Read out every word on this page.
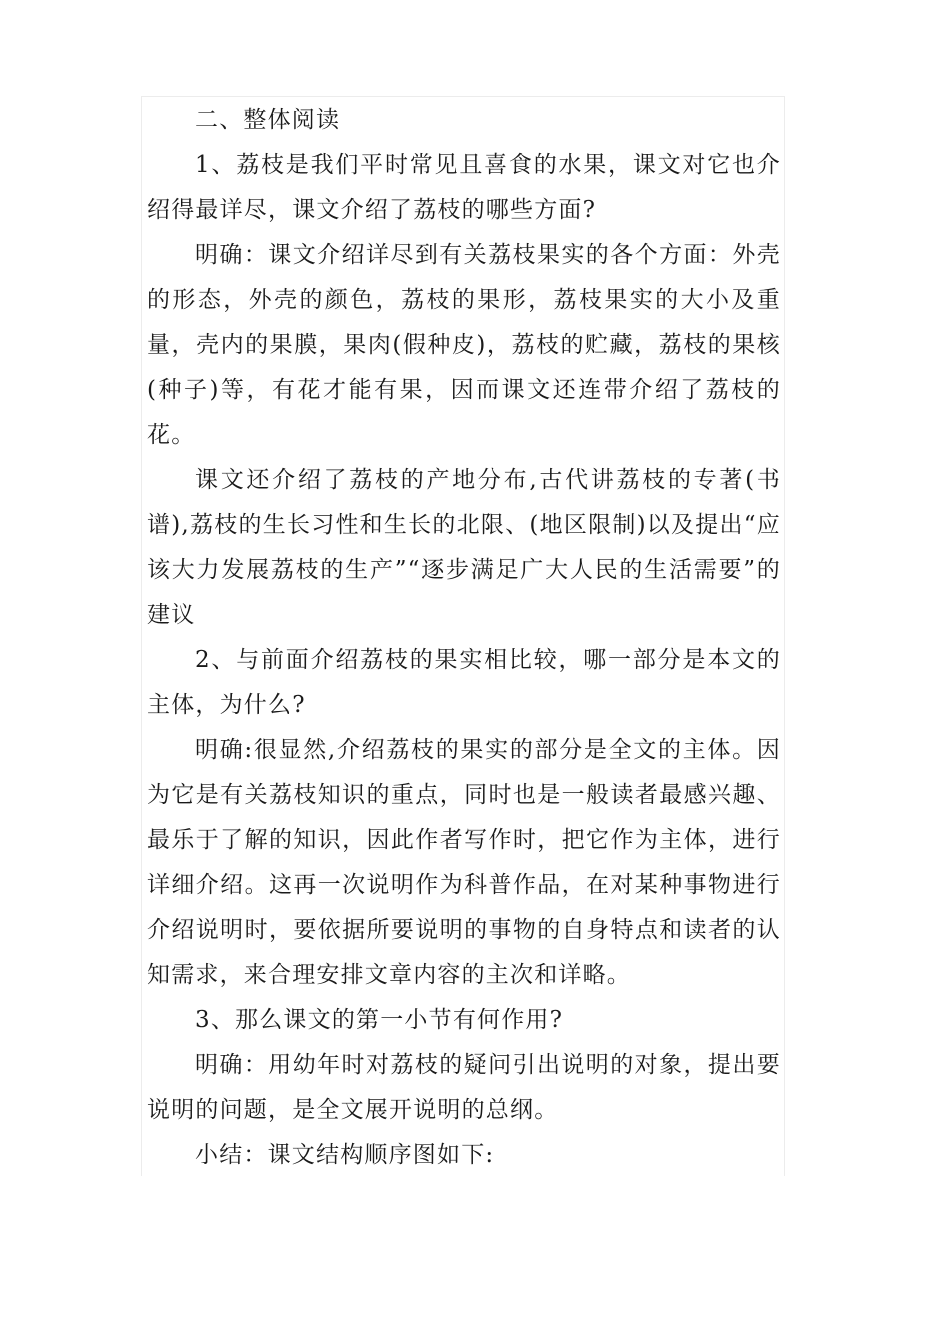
二、整体阅读

1、荔枝是我们平时常见且喜食的水果，课文对它也介绍得最详尽，课文介绍了荔枝的哪些方面?

明确：课文介绍详尽到有关荔枝果实的各个方面：外壳的形态，外壳的颜色，荔枝的果形，荔枝果实的大小及重量，壳内的果膜，果肉(假种皮)，荔枝的贮藏，荔枝的果核(种子)等，有花才能有果，因而课文还连带介绍了荔枝的花。

课文还介绍了荔枝的产地分布,古代讲荔枝的专著(书谱),荔枝的生长习性和生长的北限、(地区限制)以及提出“应该大力发展荔枝的生产”“逐步满足广大人民的生活需要”的建议

2、与前面介绍荔枝的果实相比较，哪一部分是本文的主体，为什么?

明确:很显然,介绍荔枝的果实的部分是全文的主体。因为它是有关荔枝知识的重点，同时也是一般读者最感兴趣、最乐于了解的知识，因此作者写作时，把它作为主体，进行详细介绍。这再一次说明作为科普作品，在对某种事物进行介绍说明时，要依据所要说明的事物的自身特点和读者的认知需求，来合理安排文章内容的主次和详略。

3、那么课文的第一小节有何作用?

明确：用幼年时对荔枝的疑问引出说明的对象，提出要说明的问题，是全文展开说明的总纲。

小结：课文结构顺序图如下:
